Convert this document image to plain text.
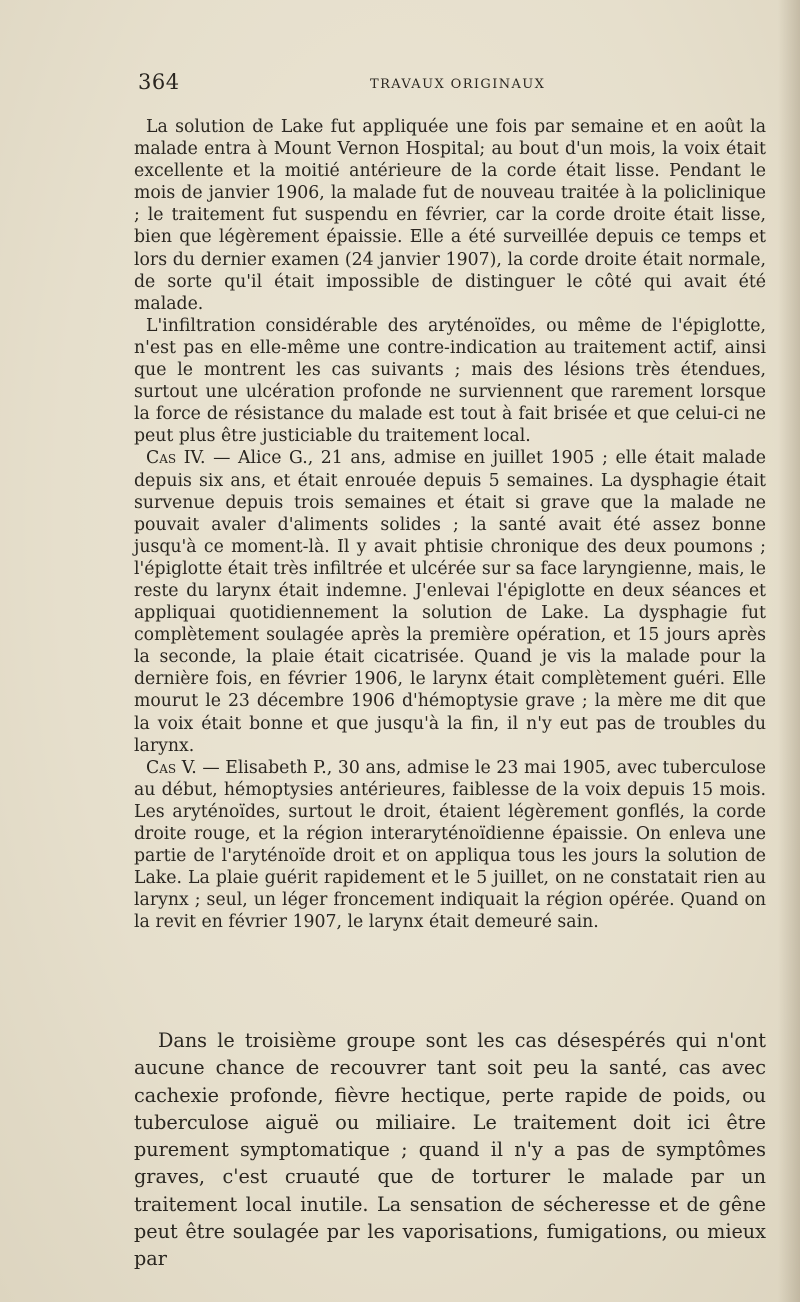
364	TRAVAUX ORIGINAUX

La solution de Lake fut appliquée une fois par semaine et en août la malade entra à Mount Vernon Hospital; au bout d'un mois, la voix était excellente et la moitié antérieure de la corde était lisse. Pendant le mois de janvier 1906, la malade fut de nouveau traitée à la policlinique ; le traitement fut suspendu en février, car la corde droite était lisse, bien que légèrement épaissie. Elle a été surveillée depuis ce temps et lors du dernier examen (24 janvier 1907), la corde droite était normale, de sorte qu'il était impossible de distinguer le côté qui avait été malade.

L'infiltration considérable des aryténoïdes, ou même de l'épiglotte, n'est pas en elle-même une contre-indication au traitement actif, ainsi que le montrent les cas suivants ; mais des lésions très étendues, surtout une ulcération profonde ne surviennent que rarement lorsque la force de résistance du malade est tout à fait brisée et que celui-ci ne peut plus être justiciable du traitement local.

Cas IV. — Alice G., 21 ans, admise en juillet 1905 ; elle était malade depuis six ans, et était enrouée depuis 5 semaines. La dysphagie était survenue depuis trois semaines et était si grave que la malade ne pouvait avaler d'aliments solides ; la santé avait été assez bonne jusqu'à ce moment-là. Il y avait phtisie chronique des deux poumons ; l'épiglotte était très infiltrée et ulcérée sur sa face laryngienne, mais, le reste du larynx était indemne. J'enlevai l'épiglotte en deux séances et appliquai quotidiennement la solution de Lake. La dysphagie fut complètement soulagée après la première opération, et 15 jours après la seconde, la plaie était cicatrisée. Quand je vis la malade pour la dernière fois, en février 1906, le larynx était complètement guéri. Elle mourut le 23 décembre 1906 d'hémoptysie grave ; la mère me dit que la voix était bonne et que jusqu'à la fin, il n'y eut pas de troubles du larynx.

Cas V. — Elisabeth P., 30 ans, admise le 23 mai 1905, avec tuberculose au début, hémoptysies antérieures, faiblesse de la voix depuis 15 mois. Les aryténoïdes, surtout le droit, étaient légèrement gonflés, la corde droite rouge, et la région interaryténoïdienne épaissie. On enleva une partie de l'aryténoïde droit et on appliqua tous les jours la solution de Lake. La plaie guérit rapidement et le 5 juillet, on ne constatait rien au larynx ; seul, un léger froncement indiquait la région opérée. Quand on la revit en février 1907, le larynx était demeuré sain.

Dans le troisième groupe sont les cas désespérés qui n'ont aucune chance de recouvrer tant soit peu la santé, cas avec cachexie profonde, fièvre hectique, perte rapide de poids, ou tuberculose aiguë ou miliaire. Le traitement doit ici être purement symptomatique ; quand il n'y a pas de symptômes graves, c'est cruauté que de torturer le malade par un traitement local inutile. La sensation de sécheresse et de gêne peut être soulagée par les vaporisations, fumigations, ou mieux par
